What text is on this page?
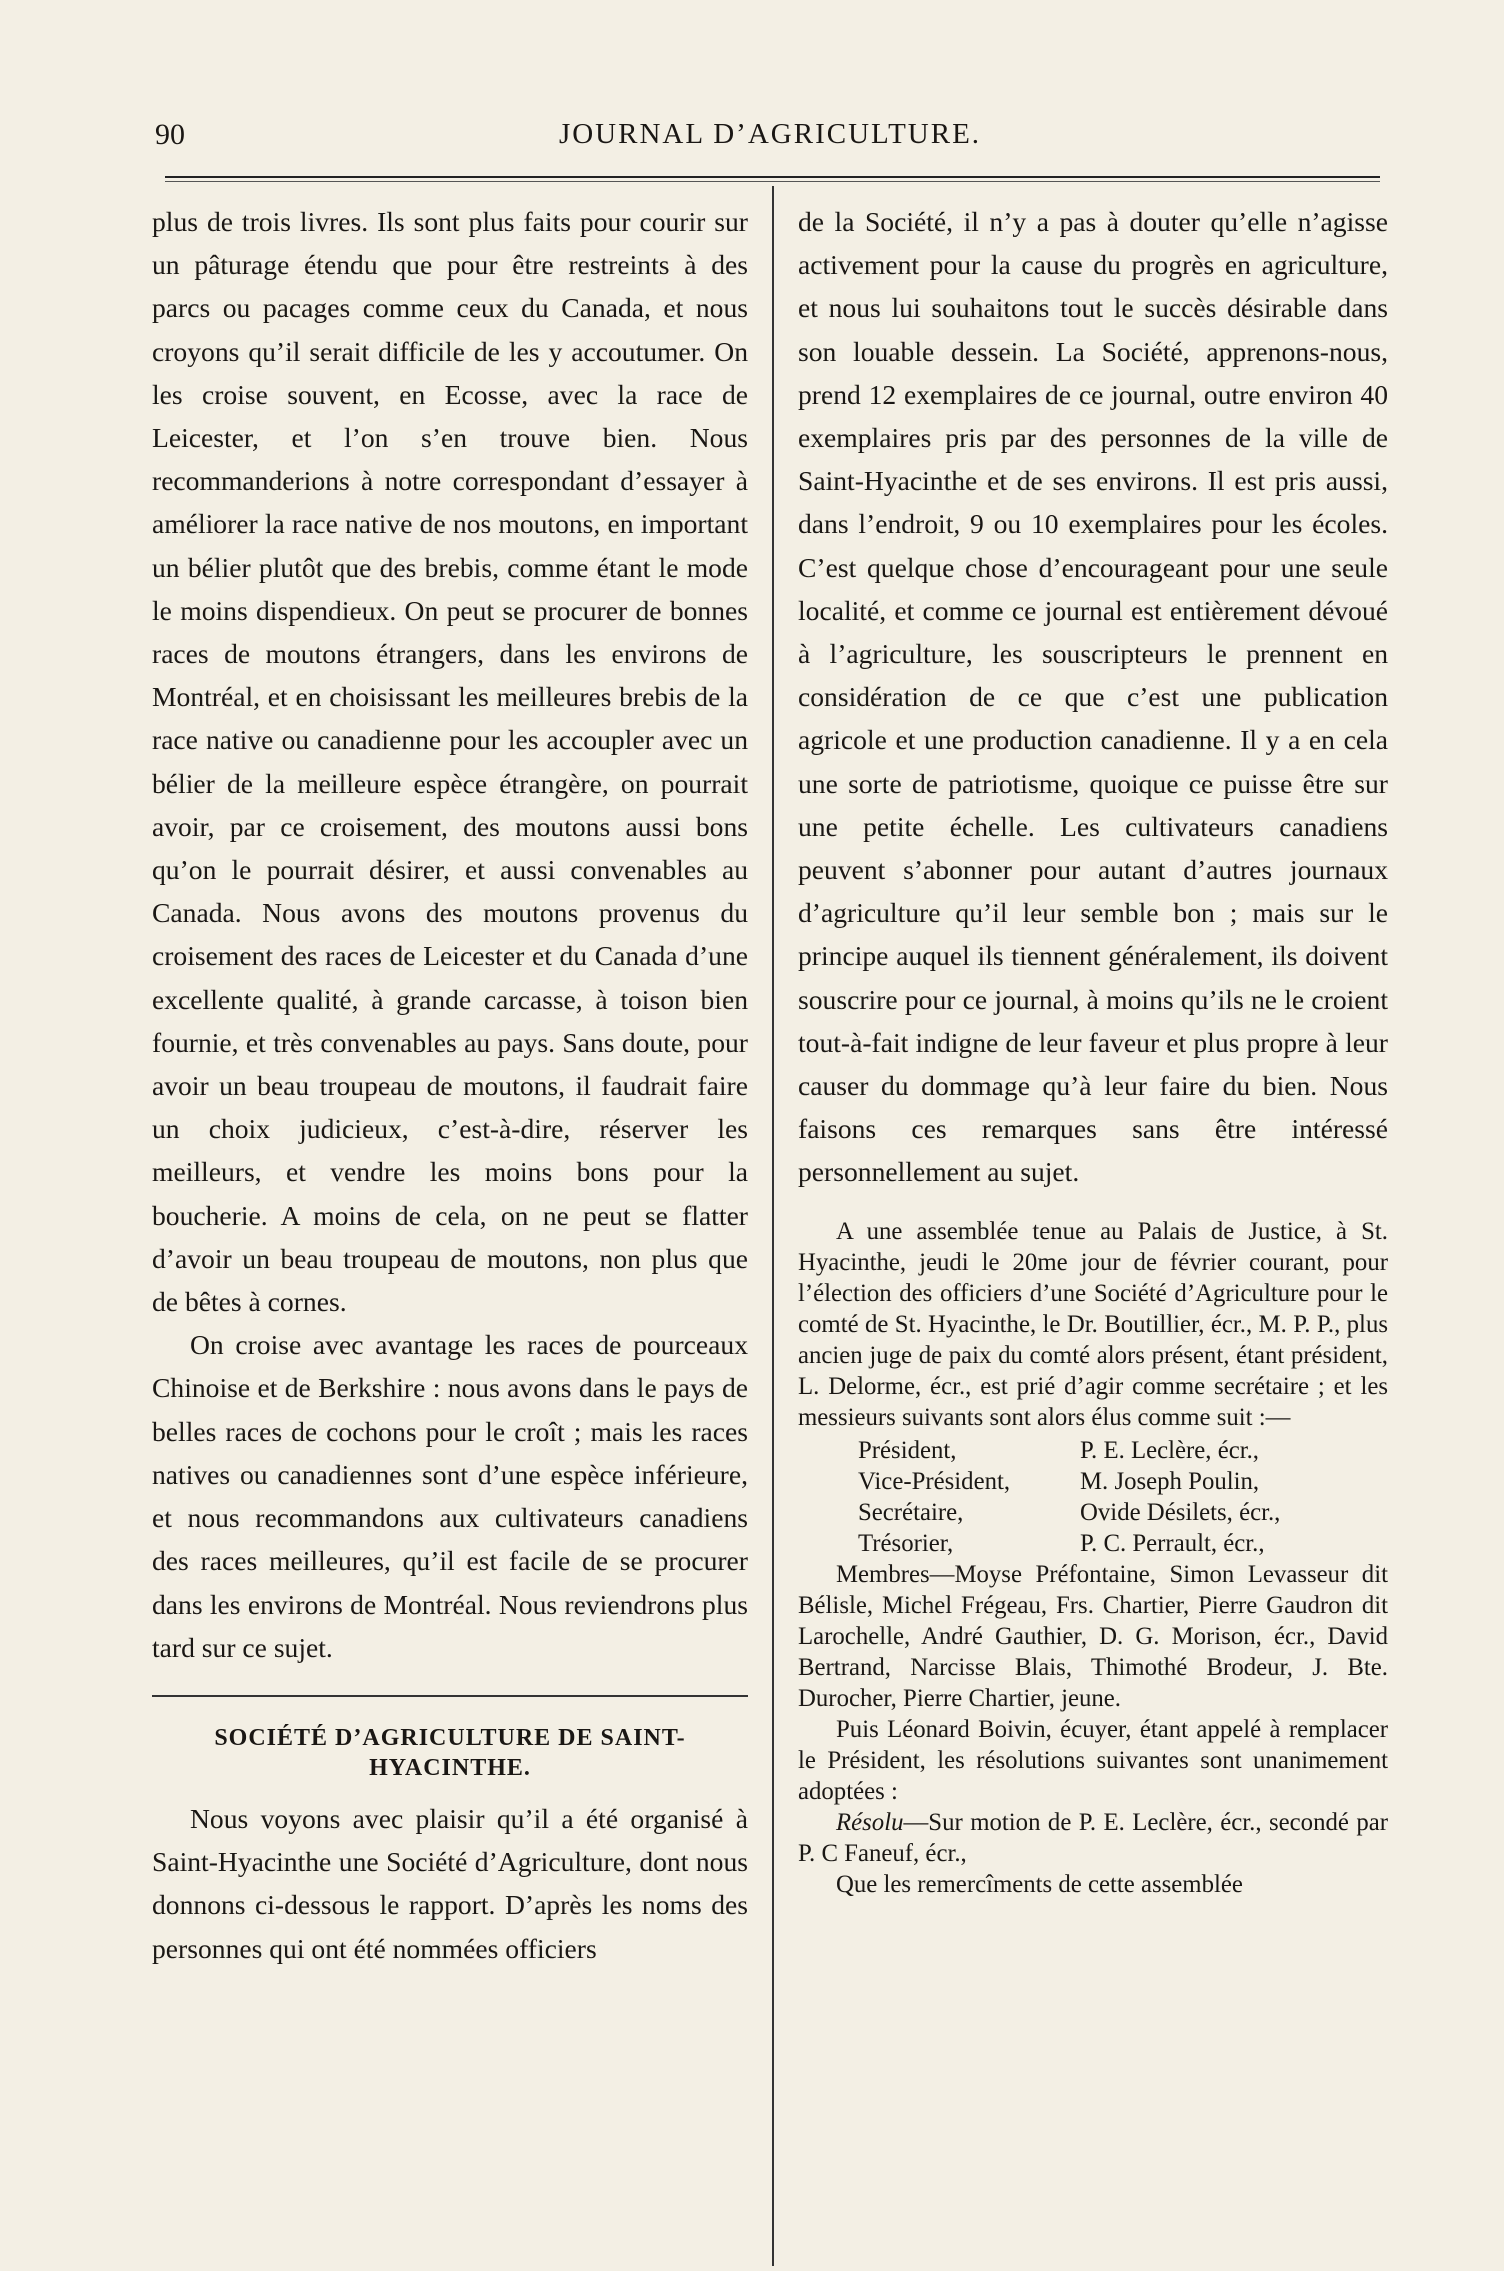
90	JOURNAL D’AGRICULTURE.

plus de trois livres. Ils sont plus faits pour courir sur un pâturage étendu que pour être restreints à des parcs ou pacages comme ceux du Canada, et nous croyons qu’il serait difficile de les y accoutumer. On les croise souvent, en Ecosse, avec la race de Leicester, et l’on s’en trouve bien. Nous recommanderions à notre correspondant d’essayer à améliorer la race native de nos moutons, en important un bélier plutôt que des brebis, comme étant le mode le moins dispendieux. On peut se procurer de bonnes races de moutons étrangers, dans les environs de Montréal, et en choisissant les meilleures brebis de la race native ou canadienne pour les accoupler avec un bélier de la meilleure espèce étrangère, on pourrait avoir, par ce croisement, des moutons aussi bons qu’on le pourrait désirer, et aussi convenables au Canada. Nous avons des moutons provenus du croisement des races de Leicester et du Canada d’une excellente qualité, à grande carcasse, à toison bien fournie, et très convenables au pays. Sans doute, pour avoir un beau troupeau de moutons, il faudrait faire un choix judicieux, c’est-à-dire, réserver les meilleurs, et vendre les moins bons pour la boucherie. A moins de cela, on ne peut se flatter d’avoir un beau troupeau de moutons, non plus que de bêtes à cornes.

On croise avec avantage les races de pourceaux Chinoise et de Berkshire : nous avons dans le pays de belles races de cochons pour le croît ; mais les races natives ou canadiennes sont d’une espèce inférieure, et nous recommandons aux cultivateurs canadiens des races meilleures, qu’il est facile de se procurer dans les environs de Montréal. Nous reviendrons plus tard sur ce sujet.

SOCIÉTÉ D’AGRICULTURE DE SAINT-HYACINTHE.

Nous voyons avec plaisir qu’il a été organisé à Saint-Hyacinthe une Société d’Agriculture, dont nous donnons ci-dessous le rapport. D’après les noms des personnes qui ont été nommées officiers

de la Société, il n’y a pas à douter qu’elle n’agisse activement pour la cause du progrès en agriculture, et nous lui souhaitons tout le succès désirable dans son louable dessein. La Société, apprenons-nous, prend 12 exemplaires de ce journal, outre environ 40 exemplaires pris par des personnes de la ville de Saint-Hyacinthe et de ses environs. Il est pris aussi, dans l’endroit, 9 ou 10 exemplaires pour les écoles. C’est quelque chose d’encourageant pour une seule localité, et comme ce journal est entièrement dévoué à l’agriculture, les souscripteurs le prennent en considération de ce que c’est une publication agricole et une production canadienne. Il y a en cela une sorte de patriotisme, quoique ce puisse être sur une petite échelle. Les cultivateurs canadiens peuvent s’abonner pour autant d’autres journaux d’agriculture qu’il leur semble bon ; mais sur le principe auquel ils tiennent généralement, ils doivent souscrire pour ce journal, à moins qu’ils ne le croient tout-à-fait indigne de leur faveur et plus propre à leur causer du dommage qu’à leur faire du bien. Nous faisons ces remarques sans être intéressé personnellement au sujet.

A une assemblée tenue au Palais de Justice, à St. Hyacinthe, jeudi le 20me jour de février courant, pour l’élection des officiers d’une Société d’Agriculture pour le comté de St. Hyacinthe, le Dr. Boutillier, écr., M. P. P., plus ancien juge de paix du comté alors présent, étant président, L. Delorme, écr., est prié d’agir comme secrétaire ; et les messieurs suivants sont alors élus comme suit :—

Président,	P. E. Leclère, écr.,
Vice-Président,	M. Joseph Poulin,
Secrétaire,	Ovide Désilets, écr.,
Trésorier,	P. C. Perrault, écr.,

Membres—Moyse Préfontaine, Simon Levasseur dit Bélisle, Michel Frégeau, Frs. Chartier, Pierre Gaudron dit Larochelle, André Gauthier, D. G. Morison, écr., David Bertrand, Narcisse Blais, Thimothé Brodeur, J. Bte. Durocher, Pierre Chartier, jeune.

Puis Léonard Boivin, écuyer, étant appelé à remplacer le Président, les résolutions suivantes sont unanimement adoptées :

Résolu—Sur motion de P. E. Leclère, écr., secondé par P. C Faneuf, écr.,

Que les remercîments de cette assemblée
